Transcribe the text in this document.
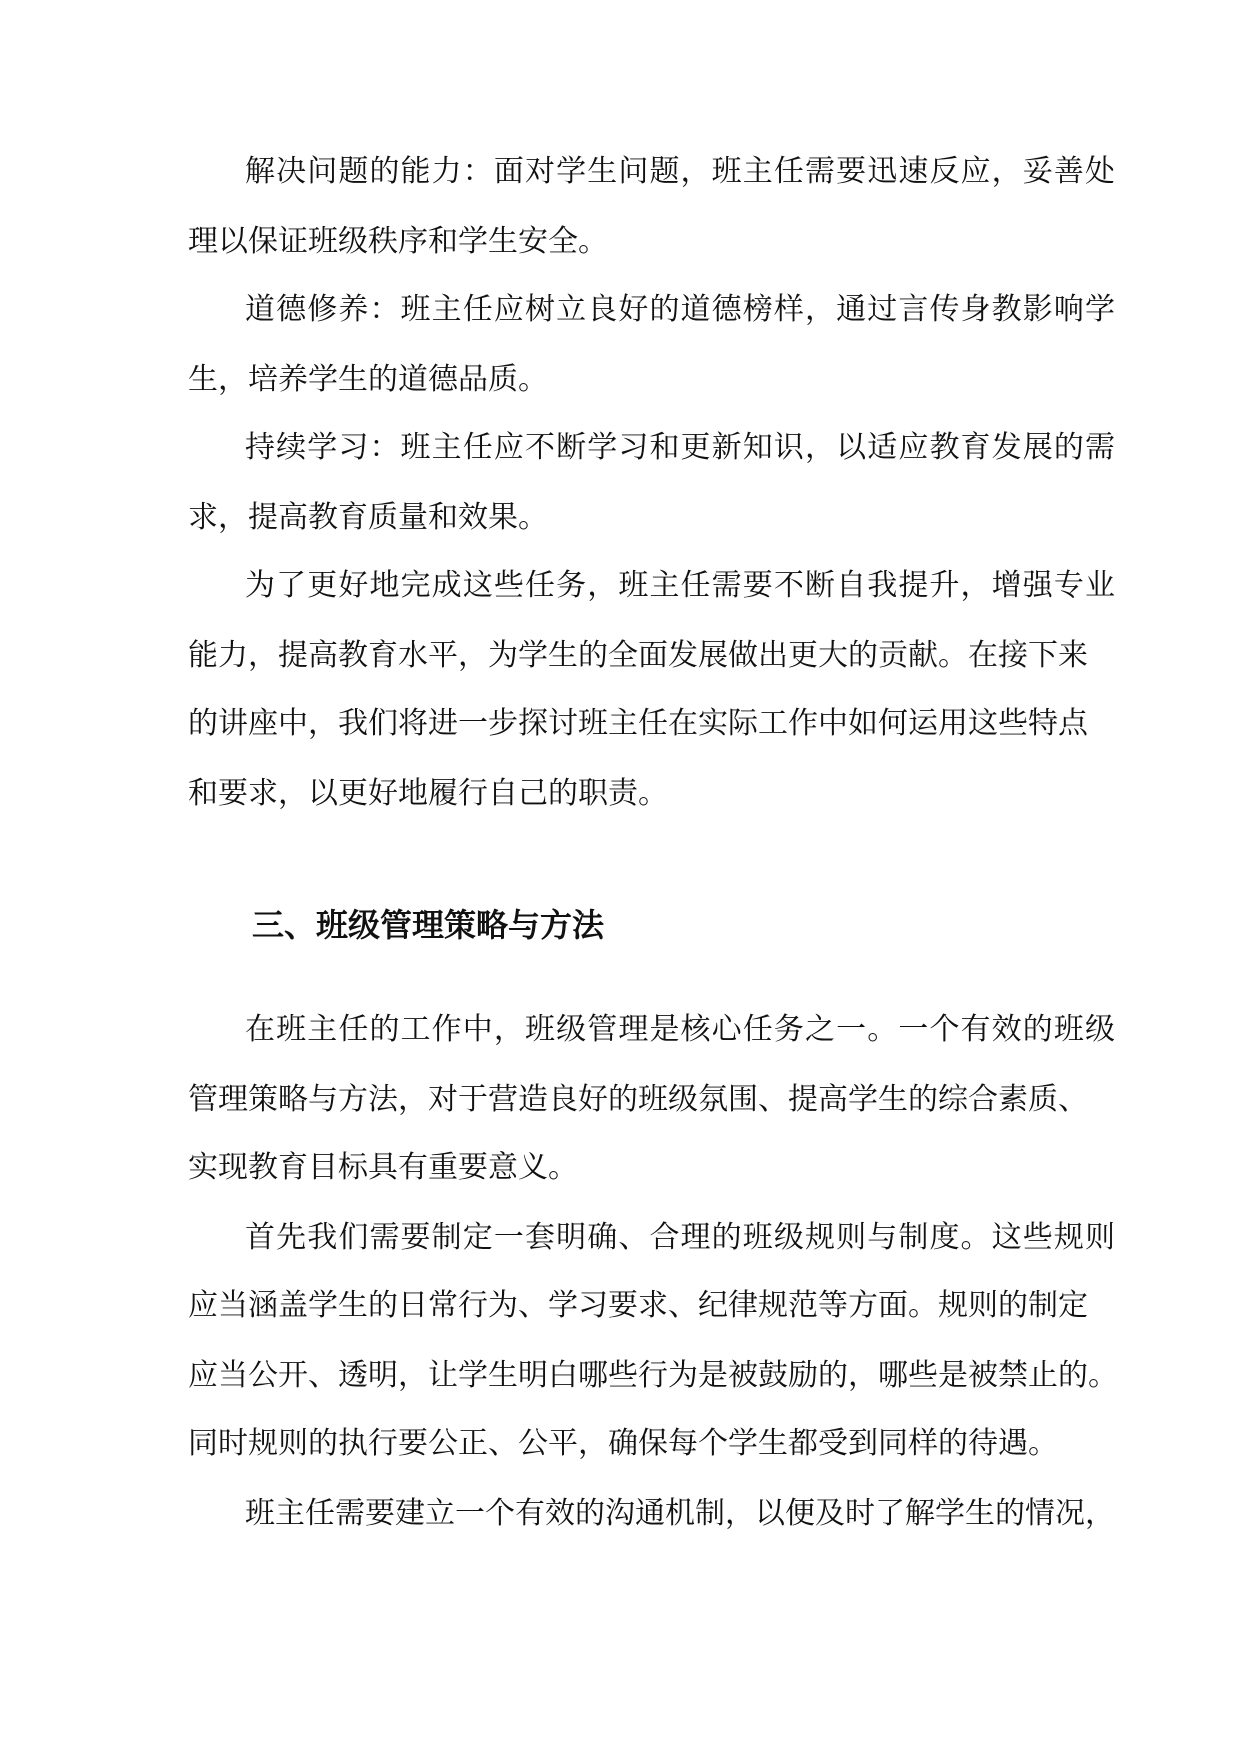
解决问题的能力：面对学生问题，班主任需要迅速反应，妥善处
理以保证班级秩序和学生安全。
道德修养：班主任应树立良好的道德榜样，通过言传身教影响学
生，培养学生的道德品质。
持续学习：班主任应不断学习和更新知识，以适应教育发展的需
求，提高教育质量和效果。
为了更好地完成这些任务，班主任需要不断自我提升，增强专业
能力，提高教育水平，为学生的全面发展做出更大的贡献。在接下来
的讲座中，我们将进一步探讨班主任在实际工作中如何运用这些特点
和要求，以更好地履行自己的职责。
三、班级管理策略与方法
在班主任的工作中，班级管理是核心任务之一。一个有效的班级
管理策略与方法，对于营造良好的班级氛围、提高学生的综合素质、
实现教育目标具有重要意义。
首先我们需要制定一套明确、合理的班级规则与制度。这些规则
应当涵盖学生的日常行为、学习要求、纪律规范等方面。规则的制定
应当公开、透明，让学生明白哪些行为是被鼓励的，哪些是被禁止的。
同时规则的执行要公正、公平，确保每个学生都受到同样的待遇。
班主任需要建立一个有效的沟通机制，以便及时了解学生的情况，
